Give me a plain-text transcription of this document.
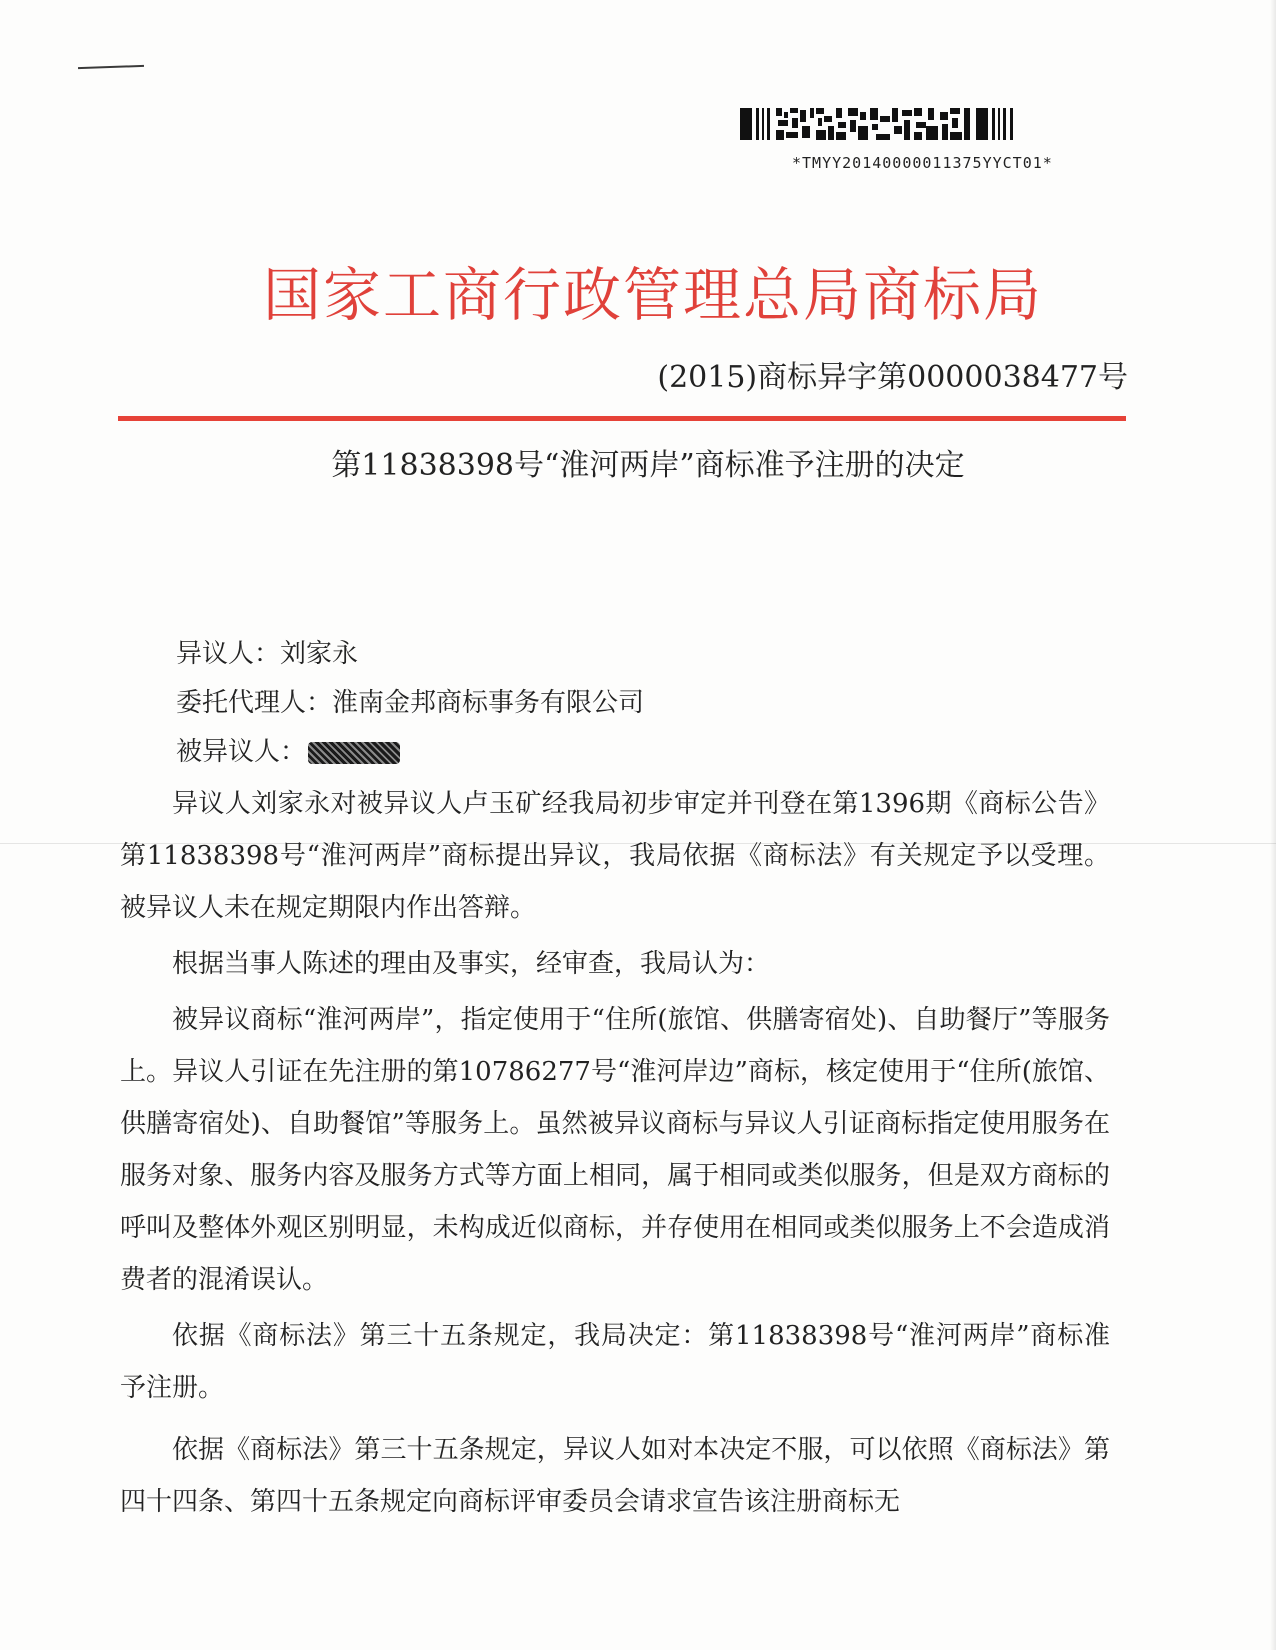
*TMYY20140000011375YYCT01*
国家工商行政管理总局商标局
(2015)商标异字第0000038477号
第11838398号“淮河两岸”商标准予注册的决定
异议人：刘家永
委托代理人：淮南金邦商标事务有限公司
被异议人：

异议人刘家永对被异议人卢玉矿经我局初步审定并刊登在第1396期《商标公告》第11838398号“淮河两岸”商标提出异议，我局依据《商标法》有关规定予以受理。被异议人未在规定期限内作出答辩。

根据当事人陈述的理由及事实，经审查，我局认为：

被异议商标“淮河两岸”，指定使用于“住所(旅馆、供膳寄宿处)、自助餐厅”等服务上。异议人引证在先注册的第10786277号“淮河岸边”商标，核定使用于“住所(旅馆、供膳寄宿处)、自助餐馆”等服务上。虽然被异议商标与异议人引证商标指定使用服务在服务对象、服务内容及服务方式等方面上相同，属于相同或类似服务，但是双方商标的呼叫及整体外观区别明显，未构成近似商标，并存使用在相同或类似服务上不会造成消费者的混淆误认。

依据《商标法》第三十五条规定，我局决定：第11838398号“淮河两岸”商标准予注册。

依据《商标法》第三十五条规定，异议人如对本决定不服，可以依照《商标法》第四十四条、第四十五条规定向商标评审委员会请求宣告该注册商标无
